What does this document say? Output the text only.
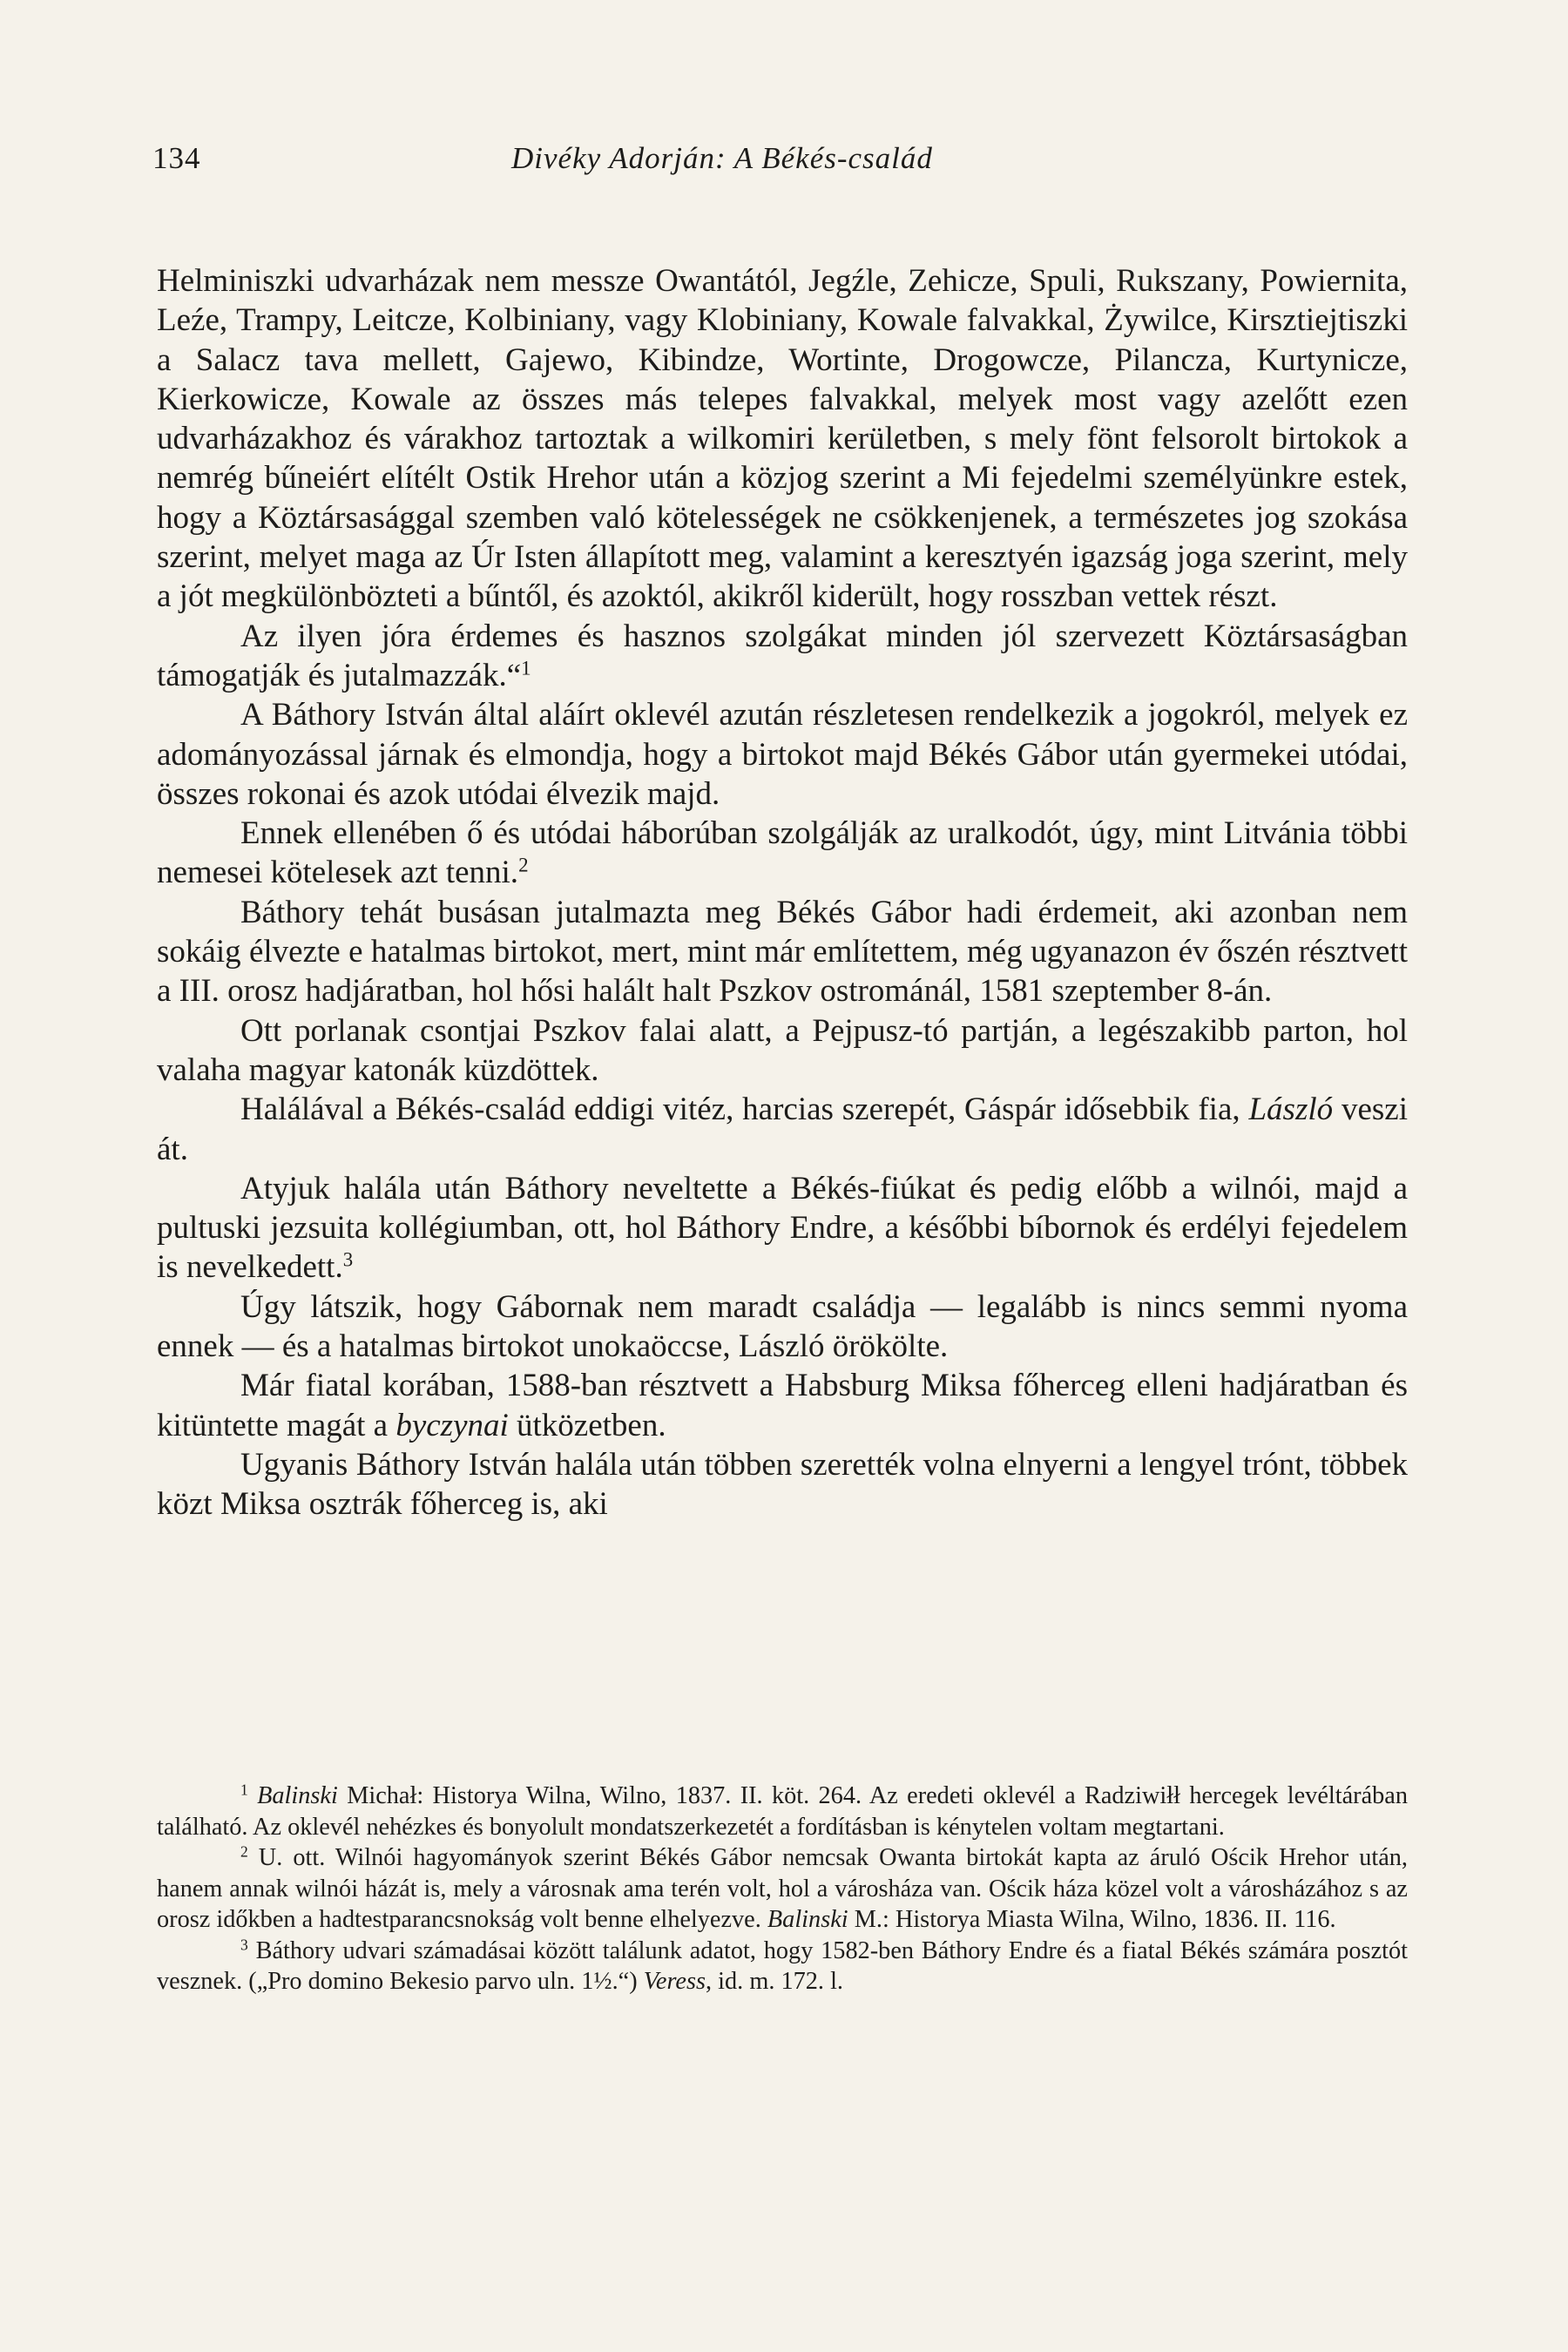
134	Divéky Adorján: A Békés-család

Helminiszki udvarházak nem messze Owantától, Jegźle, Zehicze, Spuli, Rukszany, Powiernita, Leźe, Trampy, Leitcze, Kolbiniany, vagy Klobiniany, Kowale falvakkal, Żywilce, Kirsztiejtiszki a Salacz tava mellett, Gajewo, Kibindze, Wortinte, Drogowcze, Pilancza, Kurtynicze, Kierkowicze, Kowale az összes más telepes falvakkal, melyek most vagy azelőtt ezen udvarházakhoz és várakhoz tartoztak a wilkomiri kerületben, s mely fönt felsorolt birtokok a nemrég bűneiért elítélt Ostik Hrehor után a közjog szerint a Mi fejedelmi személyünkre estek, hogy a Köztársasággal szemben való kötelességek ne csökkenjenek, a természetes jog szokása szerint, melyet maga az Úr Isten állapított meg, valamint a keresztyén igazság joga szerint, mely a jót megkülönbözteti a bűntől, és azoktól, akikről kiderült, hogy rosszban vettek részt.

Az ilyen jóra érdemes és hasznos szolgákat minden jól szervezett Köztársaságban támogatják és jutalmazzák.“$^1$

A Báthory István által aláírt oklevél azután részletesen rendelkezik a jogokról, melyek ez adományozással járnak és elmondja, hogy a birtokot majd Békés Gábor után gyermekei utódai, összes rokonai és azok utódai élvezik majd.

Ennek ellenében ő és utódai háborúban szolgálják az uralkodót, úgy, mint Litvánia többi nemesei kötelesek azt tenni.$^2$

Báthory tehát busásan jutalmazta meg Békés Gábor hadi érdemeit, aki azonban nem sokáig élvezte e hatalmas birtokot, mert, mint már említettem, még ugyanazon év őszén résztvett a III. orosz hadjáratban, hol hősi halált halt Pszkov ostrománál, 1581 szeptember 8-án.

Ott porlanak csontjai Pszkov falai alatt, a Pejpusz-tó partján, a legészakibb parton, hol valaha magyar katonák küzdöttek.

Halálával a Békés-család eddigi vitéz, harcias szerepét, Gáspár idősebbik fia, László veszi át.

Atyjuk halála után Báthory neveltette a Békés-fiúkat és pedig előbb a wilnói, majd a pultuski jezsuita kollégiumban, ott, hol Báthory Endre, a későbbi bíbornok és erdélyi fejedelem is nevelkedett.$^3$

Úgy látszik, hogy Gábornak nem maradt családja — legalább is nincs semmi nyoma ennek — és a hatalmas birtokot unokaöccse, László örökölte.

Már fiatal korában, 1588-ban résztvett a Habsburg Miksa főherceg elleni hadjáratban és kitüntette magát a byczynai ütközetben.

Ugyanis Báthory István halála után többen szerették volna elnyerni a lengyel trónt, többek közt Miksa osztrák főherceg is, aki

$^1$ Balinski Michał: Historya Wilna, Wilno, 1837. II. köt. 264. Az eredeti oklevél a Radziwiłł hercegek levéltárában található. Az oklevél nehézkes és bonyolult mondatszerkezetét a fordításban is kénytelen voltam megtartani.

$^2$ U. ott. Wilnói hagyományok szerint Békés Gábor nemcsak Owanta birtokát kapta az áruló Ościk Hrehor után, hanem annak wilnói házát is, mely a városnak ama terén volt, hol a városháza van. Ościk háza közel volt a városházához s az orosz időkben a hadtestparancsnokság volt benne elhelyezve. Balinski M.: Historya Miasta Wilna, Wilno, 1836. II. 116.

$^3$ Báthory udvari számadásai között találunk adatot, hogy 1582-ben Báthory Endre és a fiatal Békés számára posztót vesznek. („Pro domino Bekesio parvo uln. 1½.“) Veress, id. m. 172. l.
